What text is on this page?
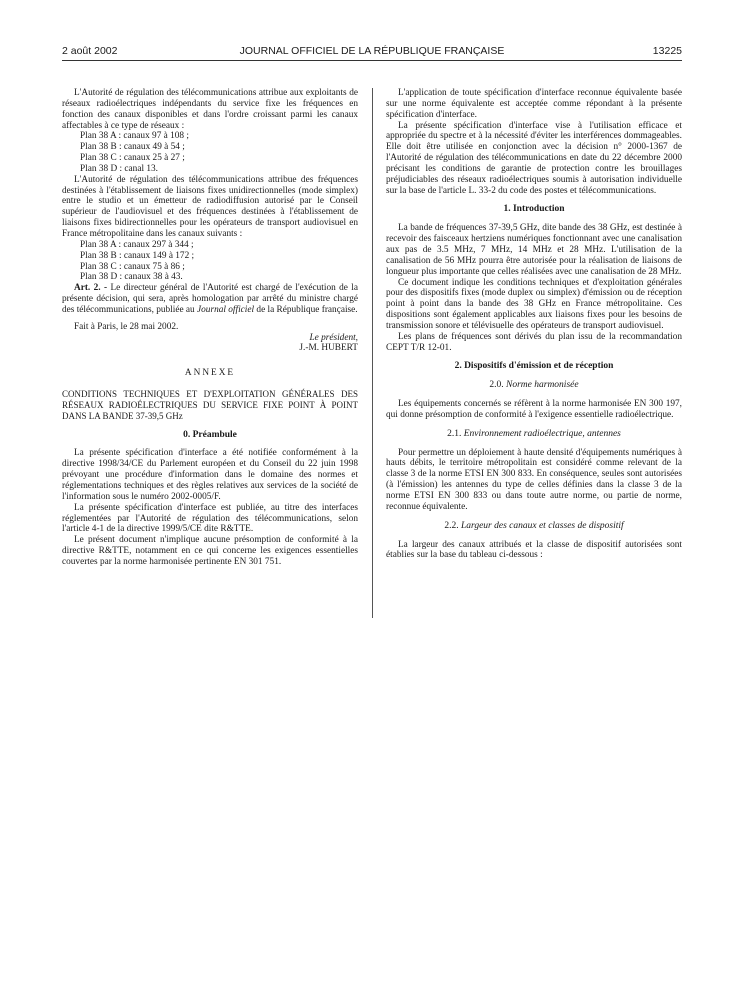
2 août 2002	JOURNAL OFFICIEL DE LA RÉPUBLIQUE FRANÇAISE	13225

L'Autorité de régulation des télécommunications attribue aux exploitants de réseaux radioélectriques indépendants du service fixe les fréquences en fonction des canaux disponibles et dans l'ordre croissant parmi les canaux affectables à ce type de réseaux :

Plan 38 A : canaux 97 à 108 ;

Plan 38 B : canaux 49 à 54 ;

Plan 38 C : canaux 25 à 27 ;

Plan 38 D : canal 13.

L'Autorité de régulation des télécommunications attribue des fréquences destinées à l'établissement de liaisons fixes unidirectionnelles (mode simplex) entre le studio et un émetteur de radiodiffusion autorisé par le Conseil supérieur de l'audiovisuel et des fréquences destinées à l'établissement de liaisons fixes bidirectionnelles pour les opérateurs de transport audiovisuel en France métropolitaine dans les canaux suivants :

Plan 38 A : canaux 297 à 344 ;

Plan 38 B : canaux 149 à 172 ;

Plan 38 C : canaux 75 à 86 ;

Plan 38 D : canaux 38 à 43.

Art. 2. - Le directeur général de l'Autorité est chargé de l'exécution de la présente décision, qui sera, après homologation par arrêté du ministre chargé des télécommunications, publiée au Journal officiel de la République française.

Fait à Paris, le 28 mai 2002.

Le président,

J.-M. HUBERT

ANNEXE

CONDITIONS TECHNIQUES ET D'EXPLOITATION GÉNÉRALES DES RÉSEAUX RADIOÉLECTRIQUES DU SERVICE FIXE POINT À POINT DANS LA BANDE 37-39,5 GHz

0. Préambule

La présente spécification d'interface a été notifiée conformément à la directive 1998/34/CE du Parlement européen et du Conseil du 22 juin 1998 prévoyant une procédure d'information dans le domaine des normes et réglementations techniques et des règles relatives aux services de la société de l'information sous le numéro 2002-0005/F.

La présente spécification d'interface est publiée, au titre des interfaces réglementées par l'Autorité de régulation des télécommunications, selon l'article 4-1 de la directive 1999/5/CE dite R&TTE.

Le présent document n'implique aucune présomption de conformité à la directive R&TTE, notamment en ce qui concerne les exigences essentielles couvertes par la norme harmonisée pertinente EN 301 751.

L'application de toute spécification d'interface reconnue équivalente basée sur une norme équivalente est acceptée comme répondant à la présente spécification d'interface.

La présente spécification d'interface vise à l'utilisation efficace et appropriée du spectre et à la nécessité d'éviter les interférences dommageables. Elle doit être utilisée en conjonction avec la décision n° 2000-1367 de l'Autorité de régulation des télécommunications en date du 22 décembre 2000 précisant les conditions de garantie de protection contre les brouillages préjudiciables des réseaux radioélectriques soumis à autorisation individuelle sur la base de l'article L. 33-2 du code des postes et télécommunications.

1. Introduction

La bande de fréquences 37-39,5 GHz, dite bande des 38 GHz, est destinée à recevoir des faisceaux hertziens numériques fonctionnant avec une canalisation aux pas de 3.5 MHz, 7 MHz, 14 MHz et 28 MHz. L'utilisation de la canalisation de 56 MHz pourra être autorisée pour la réalisation de liaisons de longueur plus importante que celles réalisées avec une canalisation de 28 MHz.

Ce document indique les conditions techniques et d'exploitation générales pour des dispositifs fixes (mode duplex ou simplex) d'émission ou de réception point à point dans la bande des 38 GHz en France métropolitaine. Ces dispositions sont également applicables aux liaisons fixes pour les besoins de transmission sonore et télévisuelle des opérateurs de transport audiovisuel.

Les plans de fréquences sont dérivés du plan issu de la recommandation CEPT T/R 12-01.

2. Dispositifs d'émission et de réception
2.0. Norme harmonisée

Les équipements concernés se réfèrent à la norme harmonisée EN 300 197, qui donne présomption de conformité à l'exigence essentielle radioélectrique.

2.1. Environnement radioélectrique, antennes

Pour permettre un déploiement à haute densité d'équipements numériques à hauts débits, le territoire métropolitain est considéré comme relevant de la classe 3 de la norme ETSI EN 300 833. En conséquence, seules sont autorisées (à l'émission) les antennes du type de celles définies dans la classe 3 de la norme ETSI EN 300 833 ou dans toute autre norme, ou partie de norme, reconnue équivalente.

2.2. Largeur des canaux et classes de dispositif

La largeur des canaux attribués et la classe de dispositif autorisées sont établies sur la base du tableau ci-dessous :
